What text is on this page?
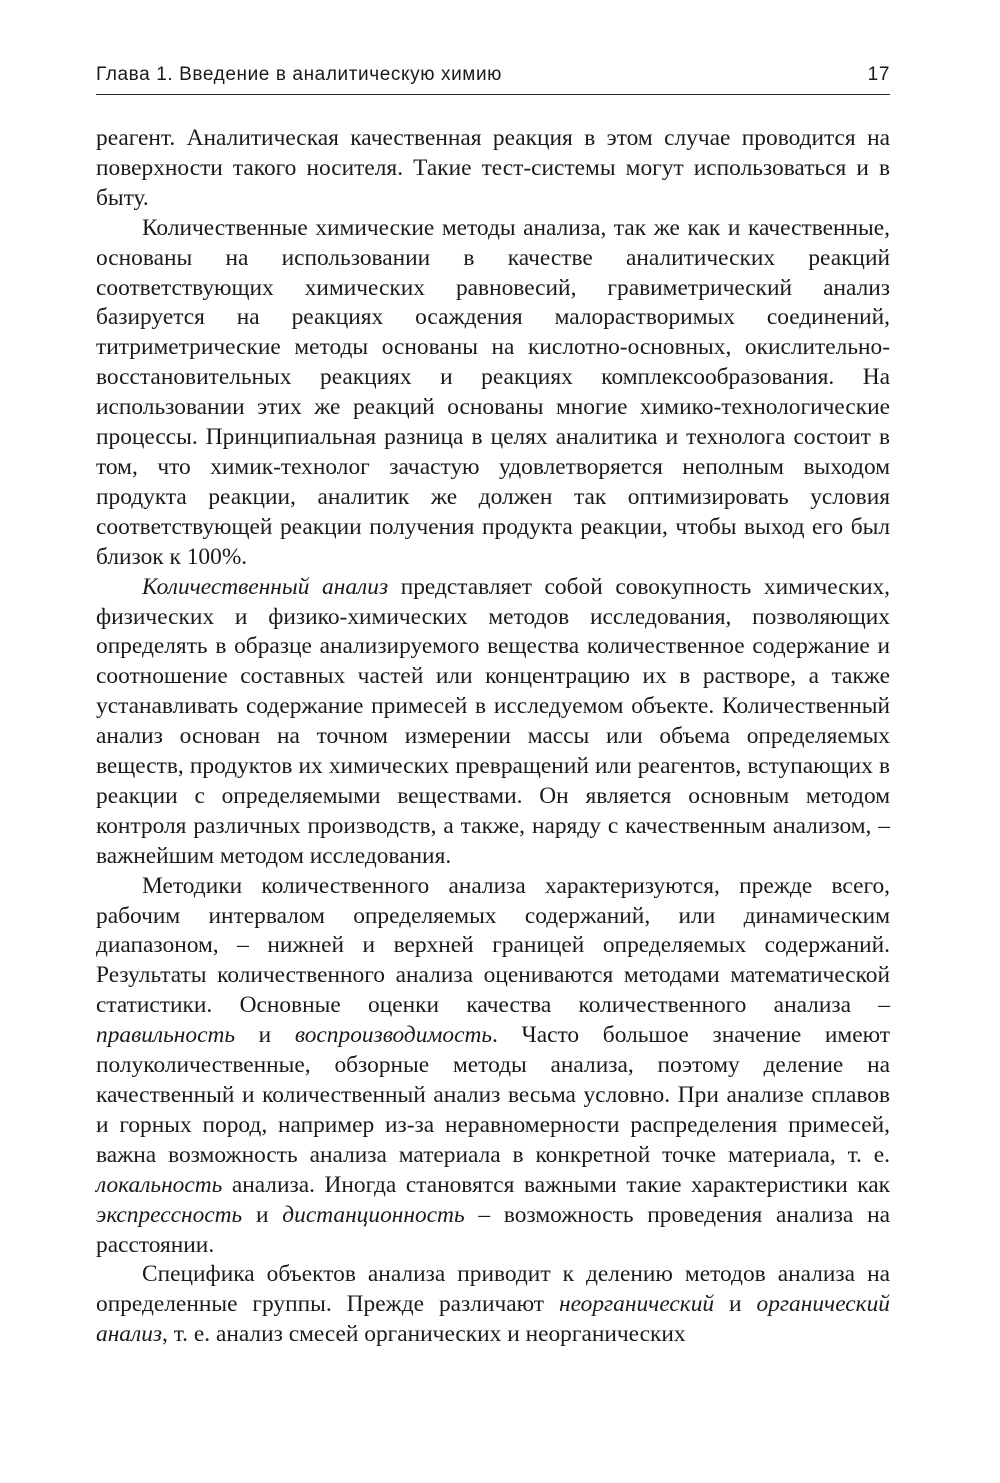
Глава 1. Введение в аналитическую химию	17

реагент. Аналитическая качественная реакция в этом случае проводится на поверхности такого носителя. Такие тест-системы могут использоваться и в быту.

Количественные химические методы анализа, так же как и качественные, основаны на использовании в качестве аналитических реакций соответствующих химических равновесий, гравиметрический анализ базируется на реакциях осаждения малорастворимых соединений, титриметрические методы основаны на кислотно-основных, окислительно-восстановительных реакциях и реакциях комплексообразования. На использовании этих же реакций основаны многие химико-технологические процессы. Принципиальная разница в целях аналитика и технолога состоит в том, что химик-технолог зачастую удовлетворяется неполным выходом продукта реакции, аналитик же должен так оптимизировать условия соответствующей реакции получения продукта реакции, чтобы выход его был близок к 100%.

Количественный анализ представляет собой совокупность химических, физических и физико-химических методов исследования, позволяющих определять в образце анализируемого вещества количественное содержание и соотношение составных частей или концентрацию их в растворе, а также устанавливать содержание примесей в исследуемом объекте. Количественный анализ основан на точном измерении массы или объема определяемых веществ, продуктов их химических превращений или реагентов, вступающих в реакции с определяемыми веществами. Он является основным методом контроля различных производств, а также, наряду с качественным анализом, – важнейшим методом исследования.

Методики количественного анализа характеризуются, прежде всего, рабочим интервалом определяемых содержаний, или динамическим диапазоном, – нижней и верхней границей определяемых содержаний. Результаты количественного анализа оцениваются методами математической статистики. Основные оценки качества количественного анализа – правильность и воспроизводимость. Часто большое значение имеют полуколичественные, обзорные методы анализа, поэтому деление на качественный и количественный анализ весьма условно. При анализе сплавов и горных пород, например из-за неравномерности распределения примесей, важна возможность анализа материала в конкретной точке материала, т. е. локальность анализа. Иногда становятся важными такие характеристики как экспрессность и дистанционность – возможность проведения анализа на расстоянии.

Специфика объектов анализа приводит к делению методов анализа на определенные группы. Прежде различают неорганический и органический анализ, т. е. анализ смесей органических и неорганических
